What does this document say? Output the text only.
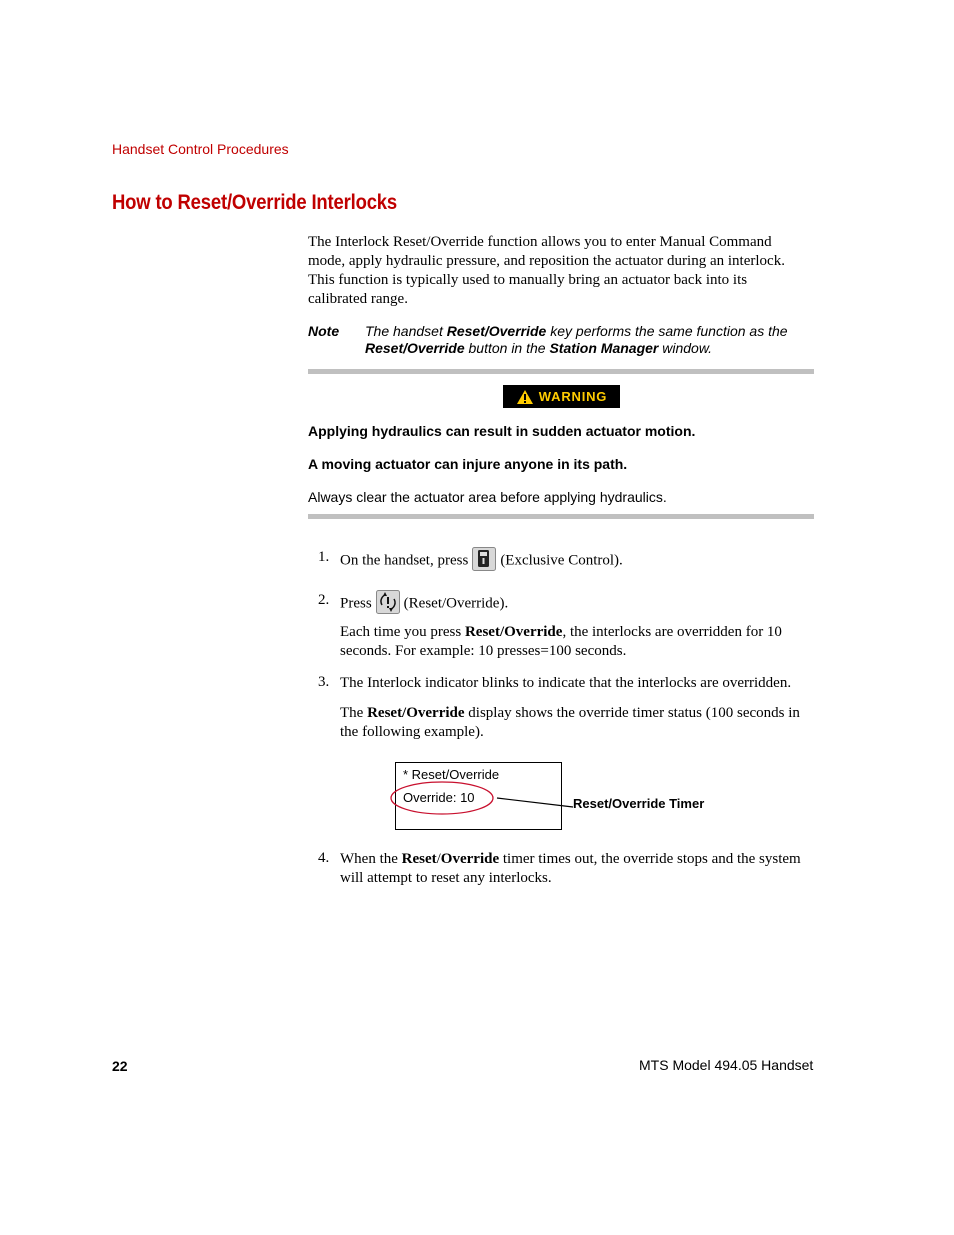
Handset Control Procedures
How to Reset/Override Interlocks
The Interlock Reset/Override function allows you to enter Manual Command mode, apply hydraulic pressure, and reposition the actuator during an interlock. This function is typically used to manually bring an actuator back into its calibrated range.
Note The handset Reset/Override key performs the same function as the Reset/Override button in the Station Manager window.
WARNING
Applying hydraulics can result in sudden actuator motion.
A moving actuator can injure anyone in its path.
Always clear the actuator area before applying hydraulics.
1. On the handset, press (Exclusive Control).
2. Press (Reset/Override).
Each time you press Reset/Override, the interlocks are overridden for 10 seconds. For example: 10 presses=100 seconds.
3. The Interlock indicator blinks to indicate that the interlocks are overridden.
The Reset/Override display shows the override timer status (100 seconds in the following example).
* Reset/Override
Override: 10	Reset/Override Timer
4. When the Reset/Override timer times out, the override stops and the system will attempt to reset any interlocks.
22	MTS Model 494.05 Handset
